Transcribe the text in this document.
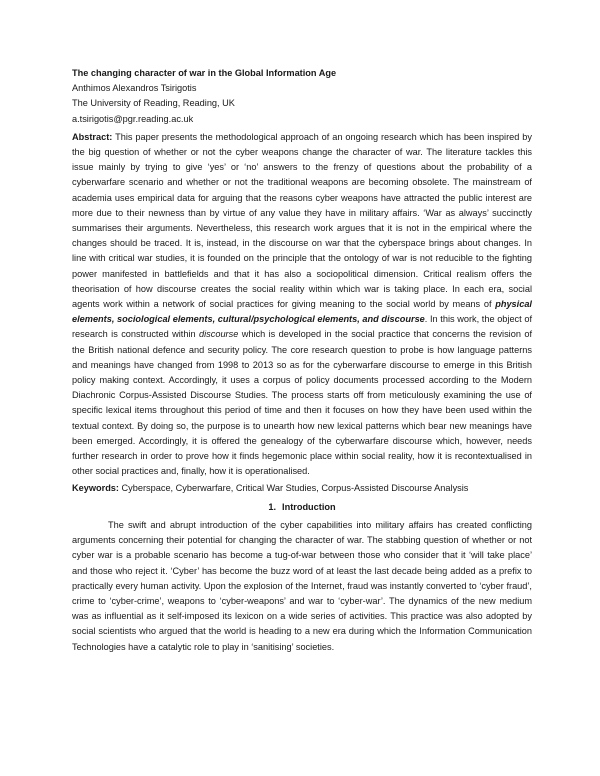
The changing character of war in the Global Information Age
Anthimos Alexandros Tsirigotis
The University of Reading, Reading, UK
a.tsirigotis@pgr.reading.ac.uk

Abstract: This paper presents the methodological approach of an ongoing research which has been inspired by the big question of whether or not the cyber weapons change the character of war. The literature tackles this issue mainly by trying to give ‘yes’ or ‘no’ answers to the frenzy of questions about the probability of a cyberwarfare scenario and whether or not the traditional weapons are becoming obsolete. The mainstream of academia uses empirical data for arguing that the reasons cyber weapons have attracted the public interest are more due to their newness than by virtue of any value they have in military affairs. ‘War as always’ succinctly summarises their arguments. Nevertheless, this research work argues that it is not in the empirical where the changes should be traced. It is, instead, in the discourse on war that the cyberspace brings about changes. In line with critical war studies, it is founded on the principle that the ontology of war is not reducible to the fighting power manifested in battlefields and that it has also a sociopolitical dimension. Critical realism offers the theorisation of how discourse creates the social reality within which war is taking place. In each era, social agents work within a network of social practices for giving meaning to the social world by means of physical elements, sociological elements, cultural/psychological elements, and discourse. In this work, the object of research is constructed within discourse which is developed in the social practice that concerns the revision of the British national defence and security policy. The core research question to probe is how language patterns and meanings have changed from 1998 to 2013 so as for the cyberwarfare discourse to emerge in this British policy making context. Accordingly, it uses a corpus of policy documents processed according to the Modern Diachronic Corpus-Assisted Discourse Studies. The process starts off from meticulously examining the use of specific lexical items throughout this period of time and then it focuses on how they have been used within the textual context. By doing so, the purpose is to unearth how new lexical patterns which bear new meanings have been emerged. Accordingly, it is offered the genealogy of the cyberwarfare discourse which, however, needs further research in order to prove how it finds hegemonic place within social reality, how it is recontextualised in other social practices and, finally, how it is operationalised.

Keywords: Cyberspace, Cyberwarfare, Critical War Studies, Corpus-Assisted Discourse Analysis

1. Introduction

The swift and abrupt introduction of the cyber capabilities into military affairs has created conflicting arguments concerning their potential for changing the character of war. The stabbing question of whether or not cyber war is a probable scenario has become a tug-of-war between those who consider that it ‘will take place’ and those who reject it. ‘Cyber’ has become the buzz word of at least the last decade being added as a prefix to practically every human activity. Upon the explosion of the Internet, fraud was instantly converted to ‘cyber fraud’, crime to ‘cyber-crime’, weapons to ‘cyber-weapons’ and war to ‘cyber-war’. The dynamics of the new medium was as influential as it self-imposed its lexicon on a wide series of activities. This practice was also adopted by social scientists who argued that the world is heading to a new era during which the Information Communication Technologies have a catalytic role to play in ‘sanitising’ societies.
